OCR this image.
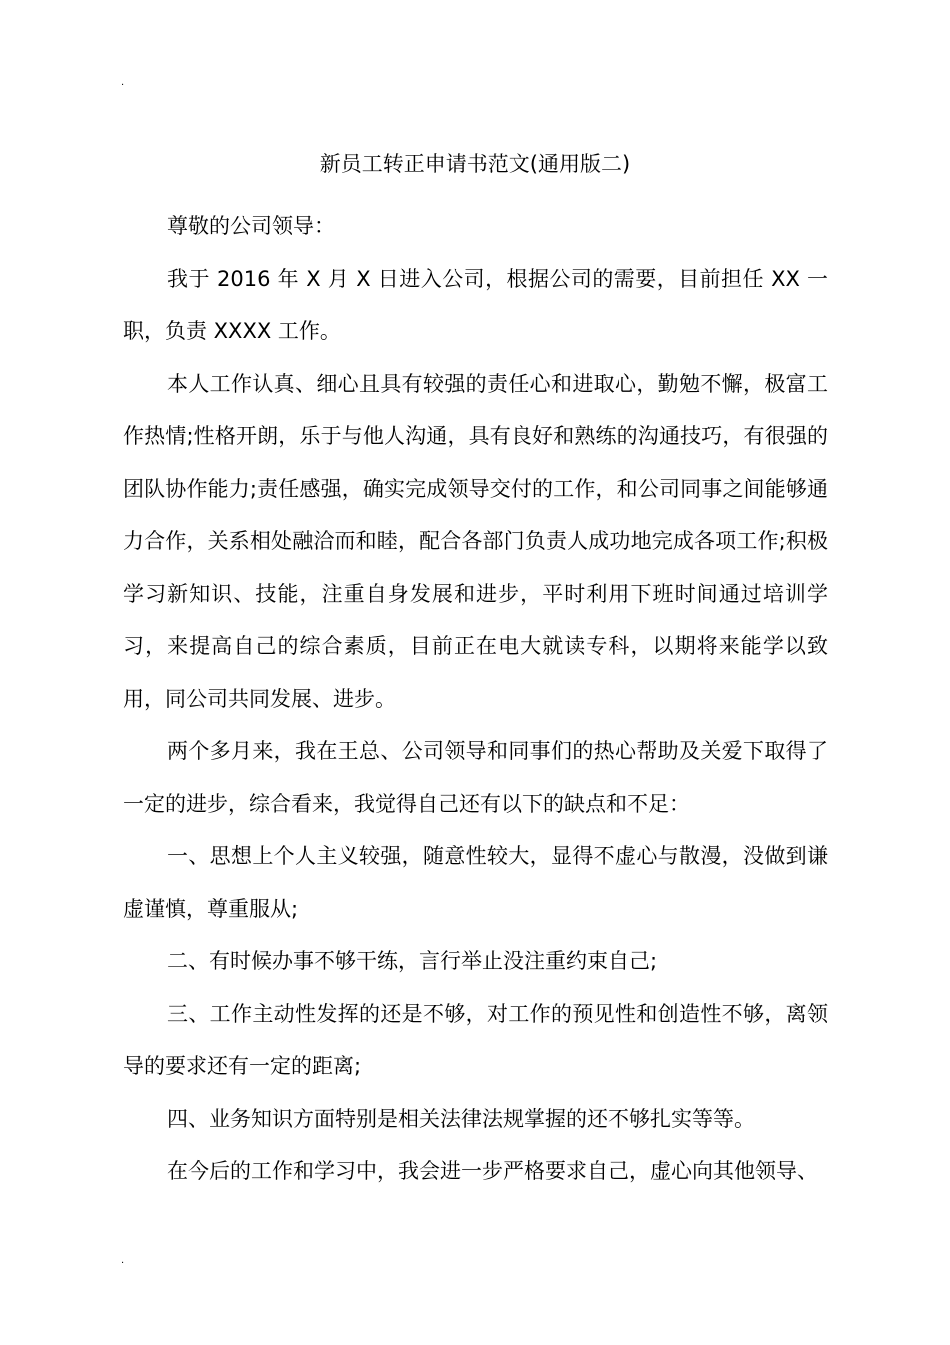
.
新员工转正申请书范文(通用版二)

尊敬的公司领导：

我于 2016 年 X 月 X 日进入公司，根据公司的需要，目前担任 XX 一职，负责 XXXX 工作。

本人工作认真、细心且具有较强的责任心和进取心，勤勉不懈，极富工作热情;性格开朗，乐于与他人沟通，具有良好和熟练的沟通技巧，有很强的团队协作能力;责任感强，确实完成领导交付的工作，和公司同事之间能够通力合作，关系相处融洽而和睦，配合各部门负责人成功地完成各项工作;积极学习新知识、技能，注重自身发展和进步，平时利用下班时间通过培训学习，来提高自己的综合素质，目前正在电大就读专科，以期将来能学以致用，同公司共同发展、进步。

两个多月来，我在王总、公司领导和同事们的热心帮助及关爱下取得了一定的进步，综合看来，我觉得自己还有以下的缺点和不足：

一、思想上个人主义较强，随意性较大，显得不虚心与散漫，没做到谦虚谨慎，尊重服从;

二、有时候办事不够干练，言行举止没注重约束自己;

三、工作主动性发挥的还是不够，对工作的预见性和创造性不够，离领导的要求还有一定的距离;

四、业务知识方面特别是相关法律法规掌握的还不够扎实等等。

在今后的工作和学习中，我会进一步严格要求自己，虚心向其他领导、

.
